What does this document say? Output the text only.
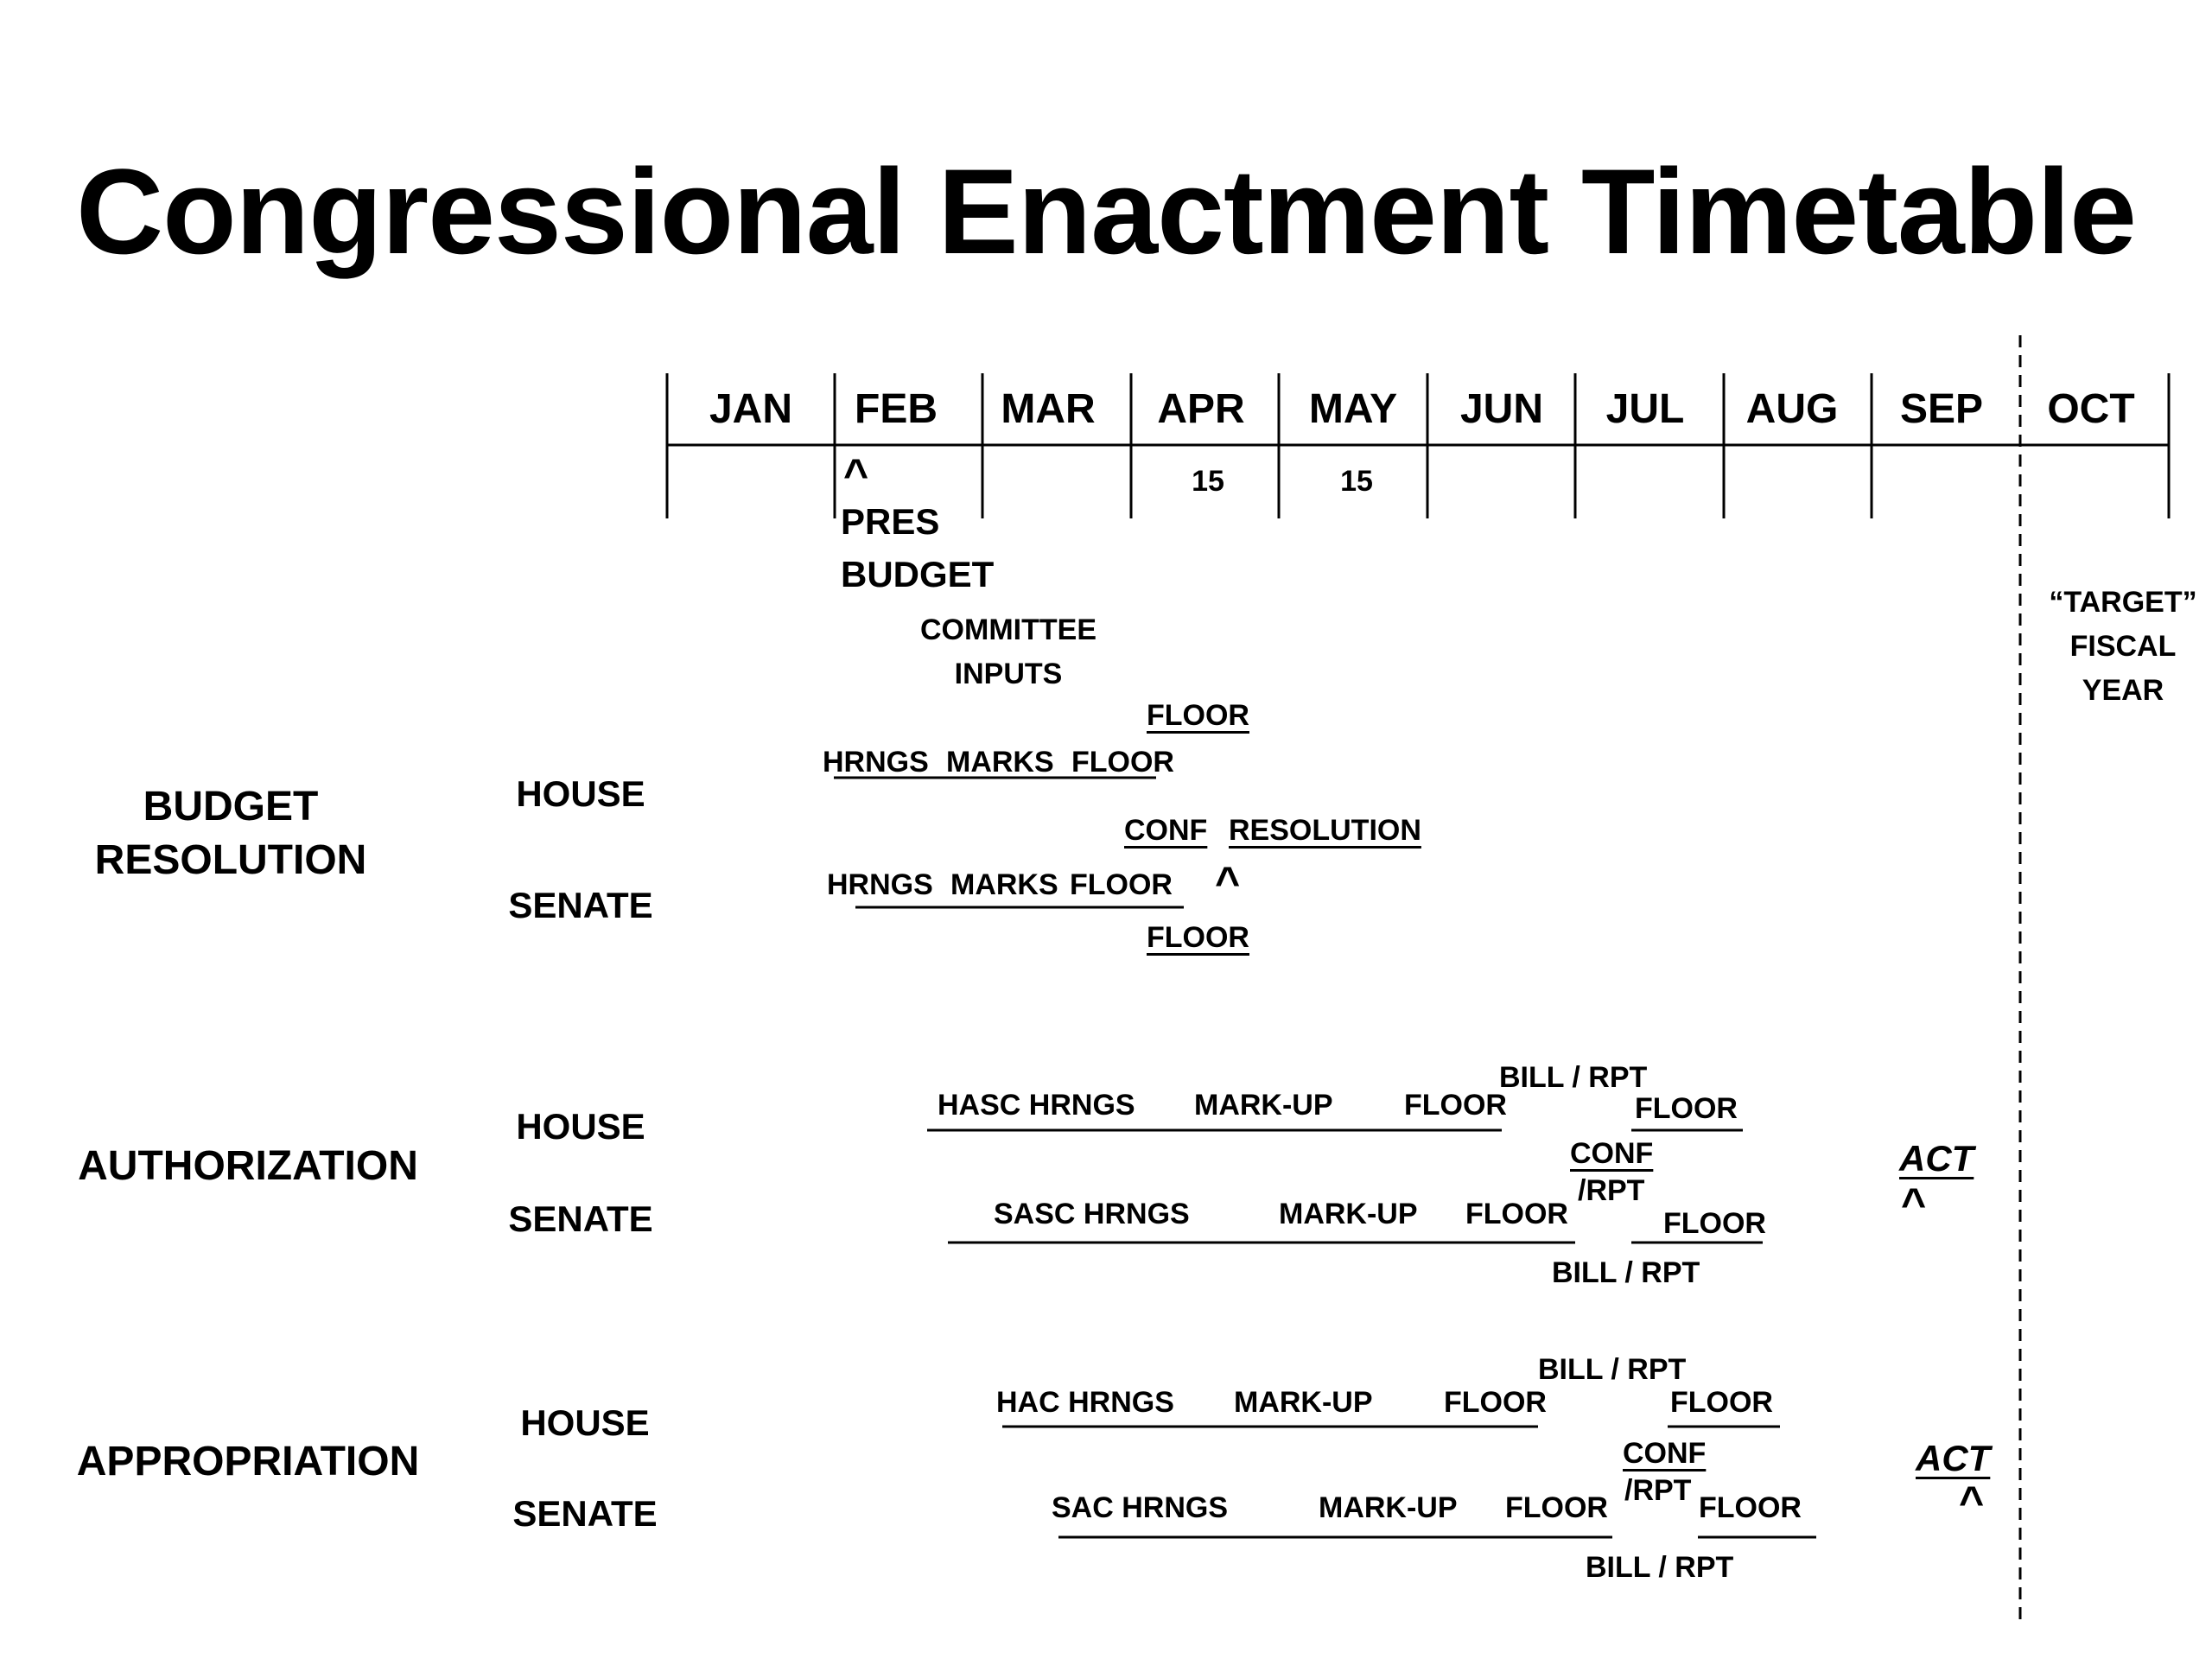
Congressional Enactment Timetable
JAN FEB MAR APR MAY JUN JUL AUG SEP OCT
15	15
^
PRES
BUDGET
COMMITTEE
INPUTS
“TARGET”
FISCAL
YEAR
BUDGET
RESOLUTION
HOUSE
SENATE
FLOOR
HRNGS MARKS FLOOR
CONF RESOLUTION
HRNGS MARKS FLOOR ^
FLOOR
AUTHORIZATION
HOUSE
SENATE
BILL / RPT
HASC HRNGS MARK-UP FLOOR	FLOOR
CONF
/RPT
SASC HRNGS	MARK-UP FLOOR	FLOOR
BILL / RPT
ACT
^
APPROPRIATION
HOUSE
SENATE
BILL / RPT
HAC HRNGS MARK-UP FLOOR	FLOOR
CONF
/RPT
SAC HRNGS	MARK-UP FLOOR	FLOOR
BILL / RPT
ACT
^
